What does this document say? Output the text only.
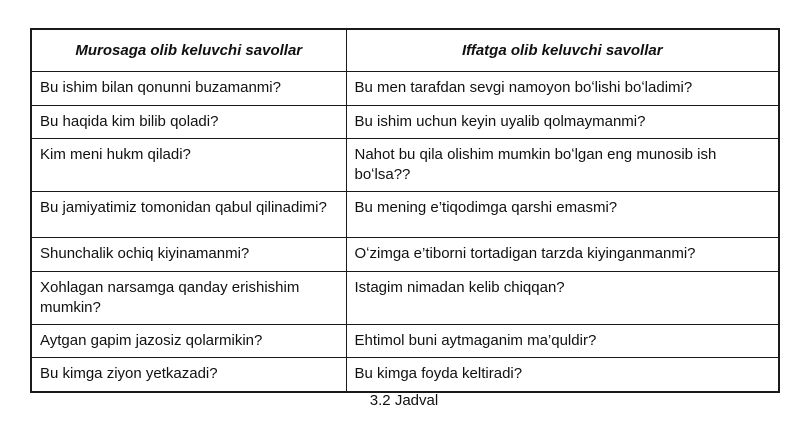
Murosaga olib keluvchi savollar	Iffatga olib keluvchi savollar
Bu ishim bilan qonunni buzamanmi?	Bu men tarafdan sevgi namoyon boʻlishi boʻladimi?
Bu haqida kim bilib qoladi?	Bu ishim uchun keyin uyalib qolmaymanmi?
Kim meni hukm qiladi?	Nahot bu qila olishim mumkin boʻlgan eng munosib ish boʻlsa??
Bu jamiyatimiz tomonidan qabul qilinadimi?	Bu mening e’tiqodimga qarshi emasmi?
Shunchalik ochiq kiyinamanmi?	Oʻzimga e’tiborni tortadigan tarzda kiyinganmanmi?
Xohlagan narsamga qanday erishishim mumkin?	Istagim nimadan kelib chiqqan?
Aytgan gapim jazosiz qolarmikin?	Ehtimol buni aytmaganim ma’quldir?
Bu kimga ziyon yetkazadi?	Bu kimga foyda keltiradi?
3.2 Jadval
